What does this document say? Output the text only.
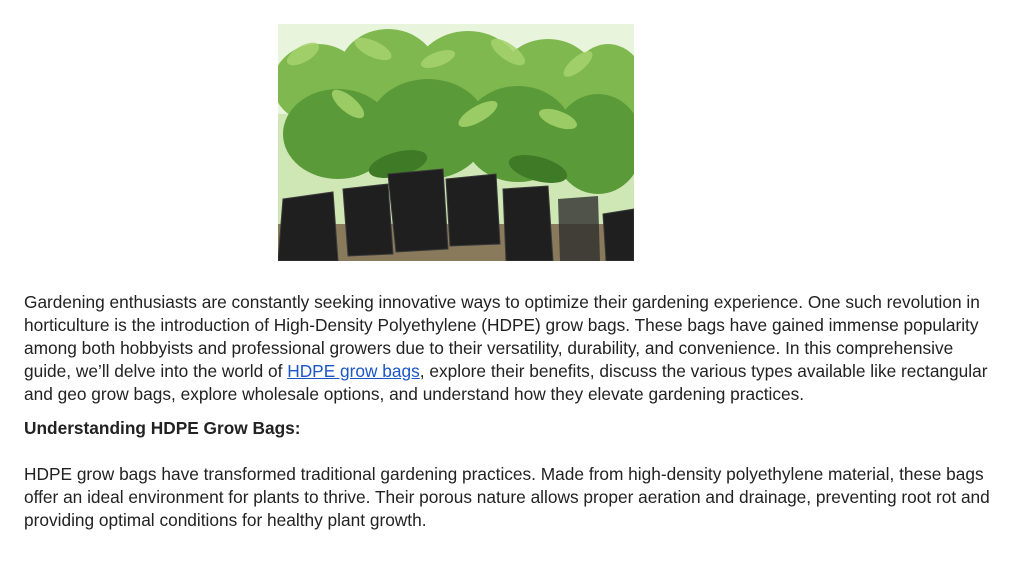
Gardening enthusiasts are constantly seeking innovative ways to optimize their gardening experience. One such revolution in horticulture is the introduction of High-Density Polyethylene (HDPE) grow bags. These bags have gained immense popularity among both hobbyists and professional growers due to their versatility, durability, and convenience. In this comprehensive guide, we’ll delve into the world of HDPE grow bags, explore their benefits, discuss the various types available like rectangular and geo grow bags, explore wholesale options, and understand how they elevate gardening practices.

Understanding HDPE Grow Bags:

HDPE grow bags have transformed traditional gardening practices. Made from high-density polyethylene material, these bags offer an ideal environment for plants to thrive. Their porous nature allows proper aeration and drainage, preventing root rot and providing optimal conditions for healthy plant growth.
